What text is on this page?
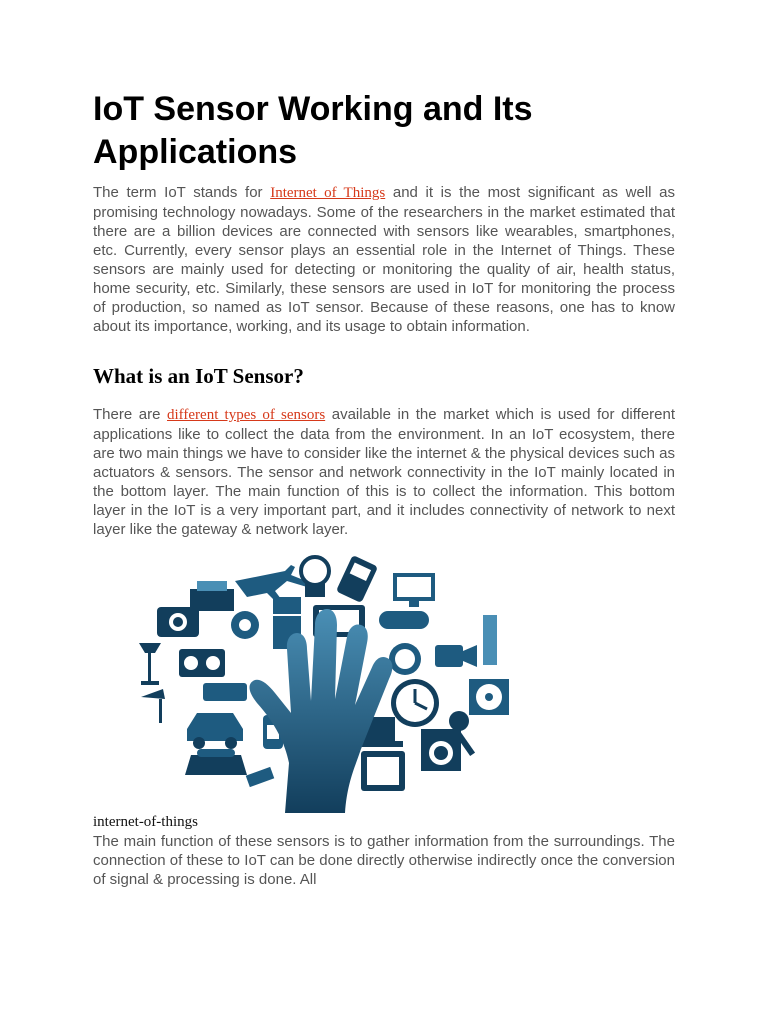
IoT Sensor Working and Its Applications

The term IoT stands for Internet of Things and it is the most significant as well as promising technology nowadays. Some of the researchers in the market estimated that there are a billion devices are connected with sensors like wearables, smartphones, etc. Currently, every sensor plays an essential role in the Internet of Things. These sensors are mainly used for detecting or monitoring the quality of air, health status, home security, etc. Similarly, these sensors are used in IoT for monitoring the process of production, so named as IoT sensor. Because of these reasons, one has to know about its importance, working, and its usage to obtain information.

What is an IoT Sensor?

There are different types of sensors available in the market which is used for different applications like to collect the data from the environment. In an IoT ecosystem, there are two main things we have to consider like the internet & the physical devices such as actuators & sensors. The sensor and network connectivity in the IoT mainly located in the bottom layer. The main function of this is to collect the information. This bottom layer in the IoT is a very important part, and it includes connectivity of network to next layer like the gateway & network layer.

internet-of-things

The main function of these sensors is to gather information from the surroundings. The connection of these to IoT can be done directly otherwise indirectly once the conversion of signal & processing is done. All
